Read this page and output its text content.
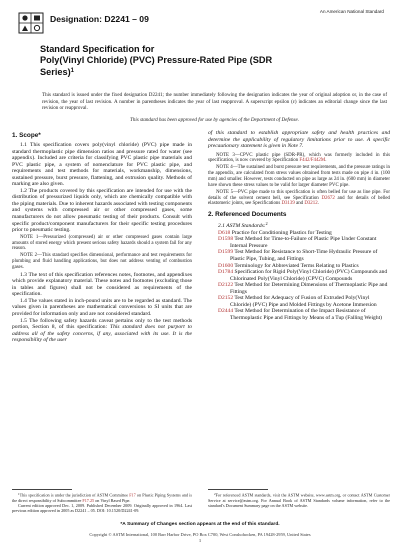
Designation: D2241 – 09
An American National Standard
Standard Specification for
Poly(Vinyl Chloride) (PVC) Pressure-Rated Pipe (SDR
Series)$^1$
This standard is issued under the fixed designation D2241; the number immediately following the designation indicates the year of original adoption or, in the case of revision, the year of last revision. A number in parentheses indicates the year of last reapproval. A superscript epsilon (ε) indicates an editorial change since the last revision or reapproval.
This standard has been approved for use by agencies of the Department of Defense.
1. Scope*

1.1 This specification covers poly(vinyl chloride) (PVC) pipe made in standard thermoplastic pipe dimension ratios and pressure rated for water (see appendix). Included are criteria for classifying PVC plastic pipe materials and PVC plastic pipe, a system of nomenclature for PVC plastic pipe, and requirements and test methods for materials, workmanship, dimensions, sustained pressure, burst pressure, flattening, and extrusion quality. Methods of marking are also given.

1.2 The products covered by this specification are intended for use with the distribution of pressurized liquids only, which are chemically compatible with the piping materials. Due to inherent hazards associated with testing components and systems with compressed air or other compressed gases, some manufacturers do not allow pneumatic testing of their products. Consult with specific product/component manufacturers for their specific testing procedures prior to pneumatic testing.

NOTE 1—Pressurized (compressed) air or other compressed gases contain large amounts of stored energy which present serious safety hazards should a system fail for any reason.

NOTE 2—This standard specifies dimensional, performance and test requirements for plumbing and fluid handling applications, but does not address venting of combustion gases.

1.3 The text of this specification references notes, footnotes, and appendixes which provide explanatory material. These notes and footnotes (excluding those in tables and figures) shall not be considered as requirements of the specification.

1.4 The values stated in inch-pound units are to be regarded as standard. The values given in parentheses are mathematical conversions to SI units that are provided for information only and are not considered standard.

1.5 The following safety hazards caveat pertains only to the test methods portion, Section 8, of this specification: This standard does not purport to address all of the safety concerns, if any, associated with its use. It is the responsibility of the user

of this standard to establish appropriate safety and health practices and determine the applicability of regulatory limitations prior to use. A specific precautionary statement is given in Note 7.

NOTE 3—CPVC plastic pipe (SDR-PR), which was formerly included in this specification, is now covered by Specification F442/F442M.

NOTE 4—The sustained and burst pressure test requirements, and the pressure ratings in the appendix, are calculated from stress values obtained from tests made on pipe 4 in. (100 mm) and smaller. However, tests conducted on pipe as large as 24 in. (600 mm) in diameter have shown these stress values to be valid for larger diameter PVC pipe.

NOTE 5—PVC pipe made to this specification is often belled for use as line pipe. For details of the solvent cement bell, see Specification D2672 and for details of belled elastomeric joints, see Specifications D3139 and D3212.

2. Referenced Documents
2.1 ASTM Standards:$^2$

D618 Practice for Conditioning Plastics for Testing

D1598 Test Method for Time-to-Failure of Plastic Pipe Under Constant Internal Pressure

D1599 Test Method for Resistance to Short-Time Hydraulic Pressure of Plastic Pipe, Tubing, and Fittings

D1600 Terminology for Abbreviated Terms Relating to Plastics

D1784 Specification for Rigid Poly(Vinyl Chloride) (PVC) Compounds and Chlorinated Poly(Vinyl Chloride) (CPVC) Compounds

D2122 Test Method for Determining Dimensions of Thermoplastic Pipe and Fittings

D2152 Test Method for Adequacy of Fusion of Extruded Poly(Vinyl Chloride) (PVC) Pipe and Molded Fittings by Acetone Immersion

D2444 Test Method for Determination of the Impact Resistance of Thermoplastic Pipe and Fittings by Means of a Tup (Falling Weight)

$^1$This specification is under the jurisdiction of ASTM Committee F17 on Plastic Piping Systems and is the direct responsibility of Subcommittee F17.25 on Vinyl Based Pipe.

Current edition approved Dec. 1, 2009. Published December 2009. Originally approved in 1964. Last previous edition approved in 2005 as D2241 – 05. DOI: 10.1520/D2241-09.

$^2$For referenced ASTM standards, visit the ASTM website, www.astm.org, or contact ASTM Customer Service at service@astm.org. For Annual Book of ASTM Standards volume information, refer to the standard's Document Summary page on the ASTM website.

*A Summary of Changes section appears at the end of this standard.
Copyright © ASTM International, 100 Barr Harbor Drive, PO Box C700, West Conshohocken, PA 19428-2959, United States
1
